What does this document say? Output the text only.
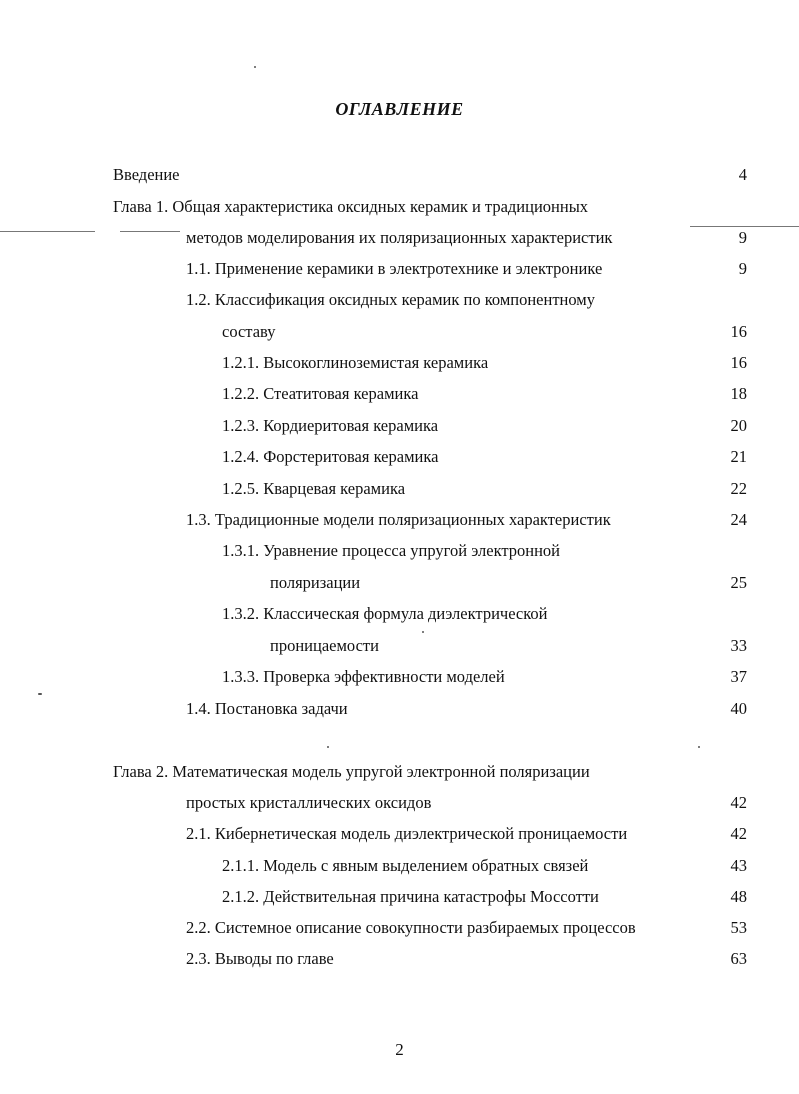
ОГЛАВЛЕНИЕ
Введение	4
Глава 1. Общая характеристика оксидных керамик и традиционных
методов моделирования их поляризационных характеристик	9
1.1. Применение керамики в электротехнике и электронике	9
1.2. Классификация оксидных керамик по компонентному
составу	16
1.2.1. Высокоглиноземистая керамика	16
1.2.2. Стеатитовая керамика	18
1.2.3. Кордиеритовая керамика	20
1.2.4. Форстеритовая керамика	21
1.2.5. Кварцевая керамика	22
1.3. Традиционные модели поляризационных характеристик	24
1.3.1. Уравнение процесса упругой электронной
поляризации	25
1.3.2. Классическая формула диэлектрической
проницаемости	33
1.3.3. Проверка эффективности моделей	37
1.4. Постановка задачи	40
Глава 2. Математическая модель упругой электронной поляризации
простых кристаллических оксидов	42
2.1. Кибернетическая модель диэлектрической проницаемости	42
2.1.1. Модель с явным выделением обратных связей	43
2.1.2. Действительная причина катастрофы Моссотти	48
2.2. Системное описание совокупности разбираемых процессов	53
2.3. Выводы по главе	63
2
